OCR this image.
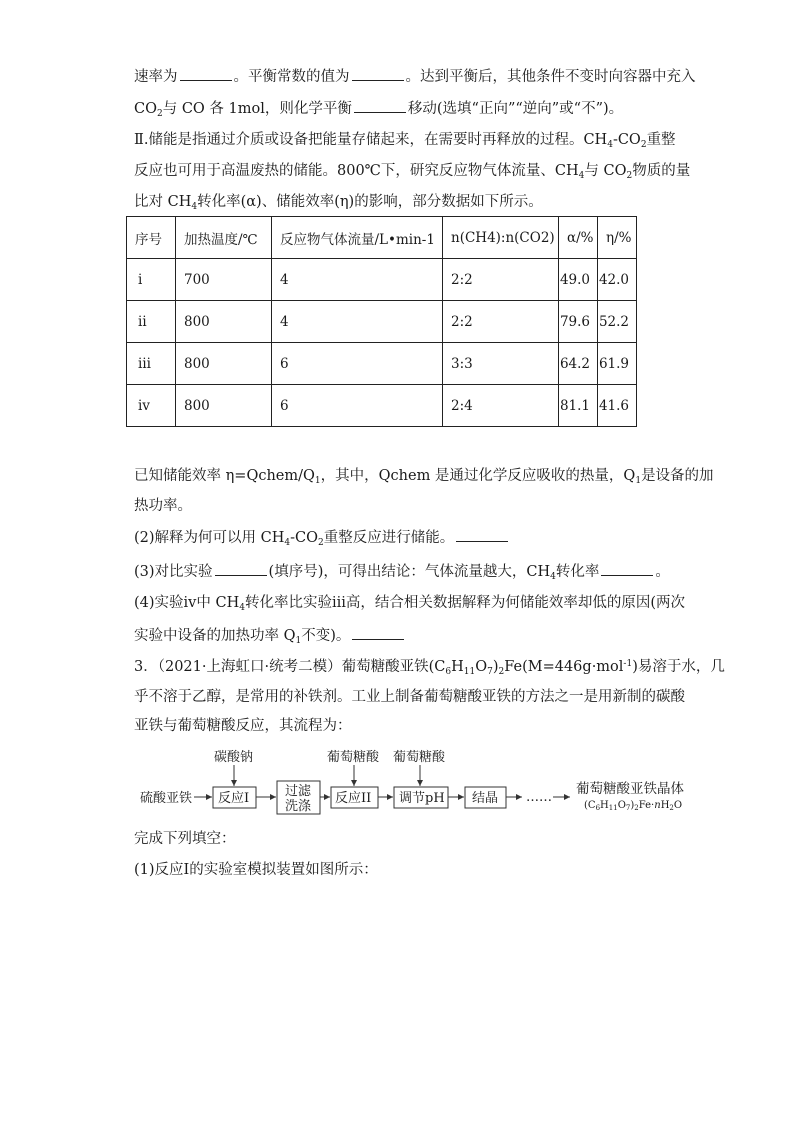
速率为	。平衡常数的值为	。达到平衡后，其他条件不变时向容器中充入
$CO_2$与 CO 各 1mol，则化学平衡	移动(选填“正向”“逆向”或“不”)。
Ⅱ.储能是指通过介质或设备把能量存储起来，在需要时再释放的过程。$CH_4-CO_2$重整
反应也可用于高温废热的储能。800℃下，研究反应物气体流量、$CH_4$与 $CO_2$物质的量
比对 $CH_4$转化率(α)、储能效率(η)的影响，部分数据如下所示。
序号	加热温度/℃	反应物气体流量/L•min-1	n(CH4):n(CO2)	α/%	η/%
ⅰ	700	4	2:2	49.0	42.0
ⅱ	800	4	2:2	79.6	52.2
ⅲ	800	6	3:3	64.2	61.9
ⅳ	800	6	2:4	81.1	41.6
已知储能效率 $\eta=Qchem/Q_1$，其中，Qchem 是通过化学反应吸收的热量，$Q_1$是设备的加
热功率。
(2)解释为何可以用 $CH_4-CO_2$重整反应进行储能。
(3)对比实验	(填序号)，可得出结论：气体流量越大，$CH_4$转化率	。
(4)实验ⅳ中 $CH_4$转化率比实验ⅲ高，结合相关数据解释为何储能效率却低的原因(两次
实验中设备的加热功率 $Q_1$不变)。
3．（2021·上海虹口·统考二模）葡萄糖酸亚铁$(C_6H_{11}O_7)_2Fe(M=446g\cdot mol^{-1})$易溶于水，几
乎不溶于乙醇，是常用的补铁剂。工业上制备葡萄糖酸亚铁的方法之一是用新制的碳酸
亚铁与葡萄糖酸反应，其流程为：
硫酸亚铁
碳酸钠
反应I	过滤
洗涤
葡萄糖酸
反应II
葡萄糖酸
调节pH 结晶 ……
葡萄糖酸亚铁晶体
$(C_6H_{11}O_7)_2Fe\cdot nH_2O$
完成下列填空：
(1)反应Ⅰ的实验室模拟装置如图所示：
